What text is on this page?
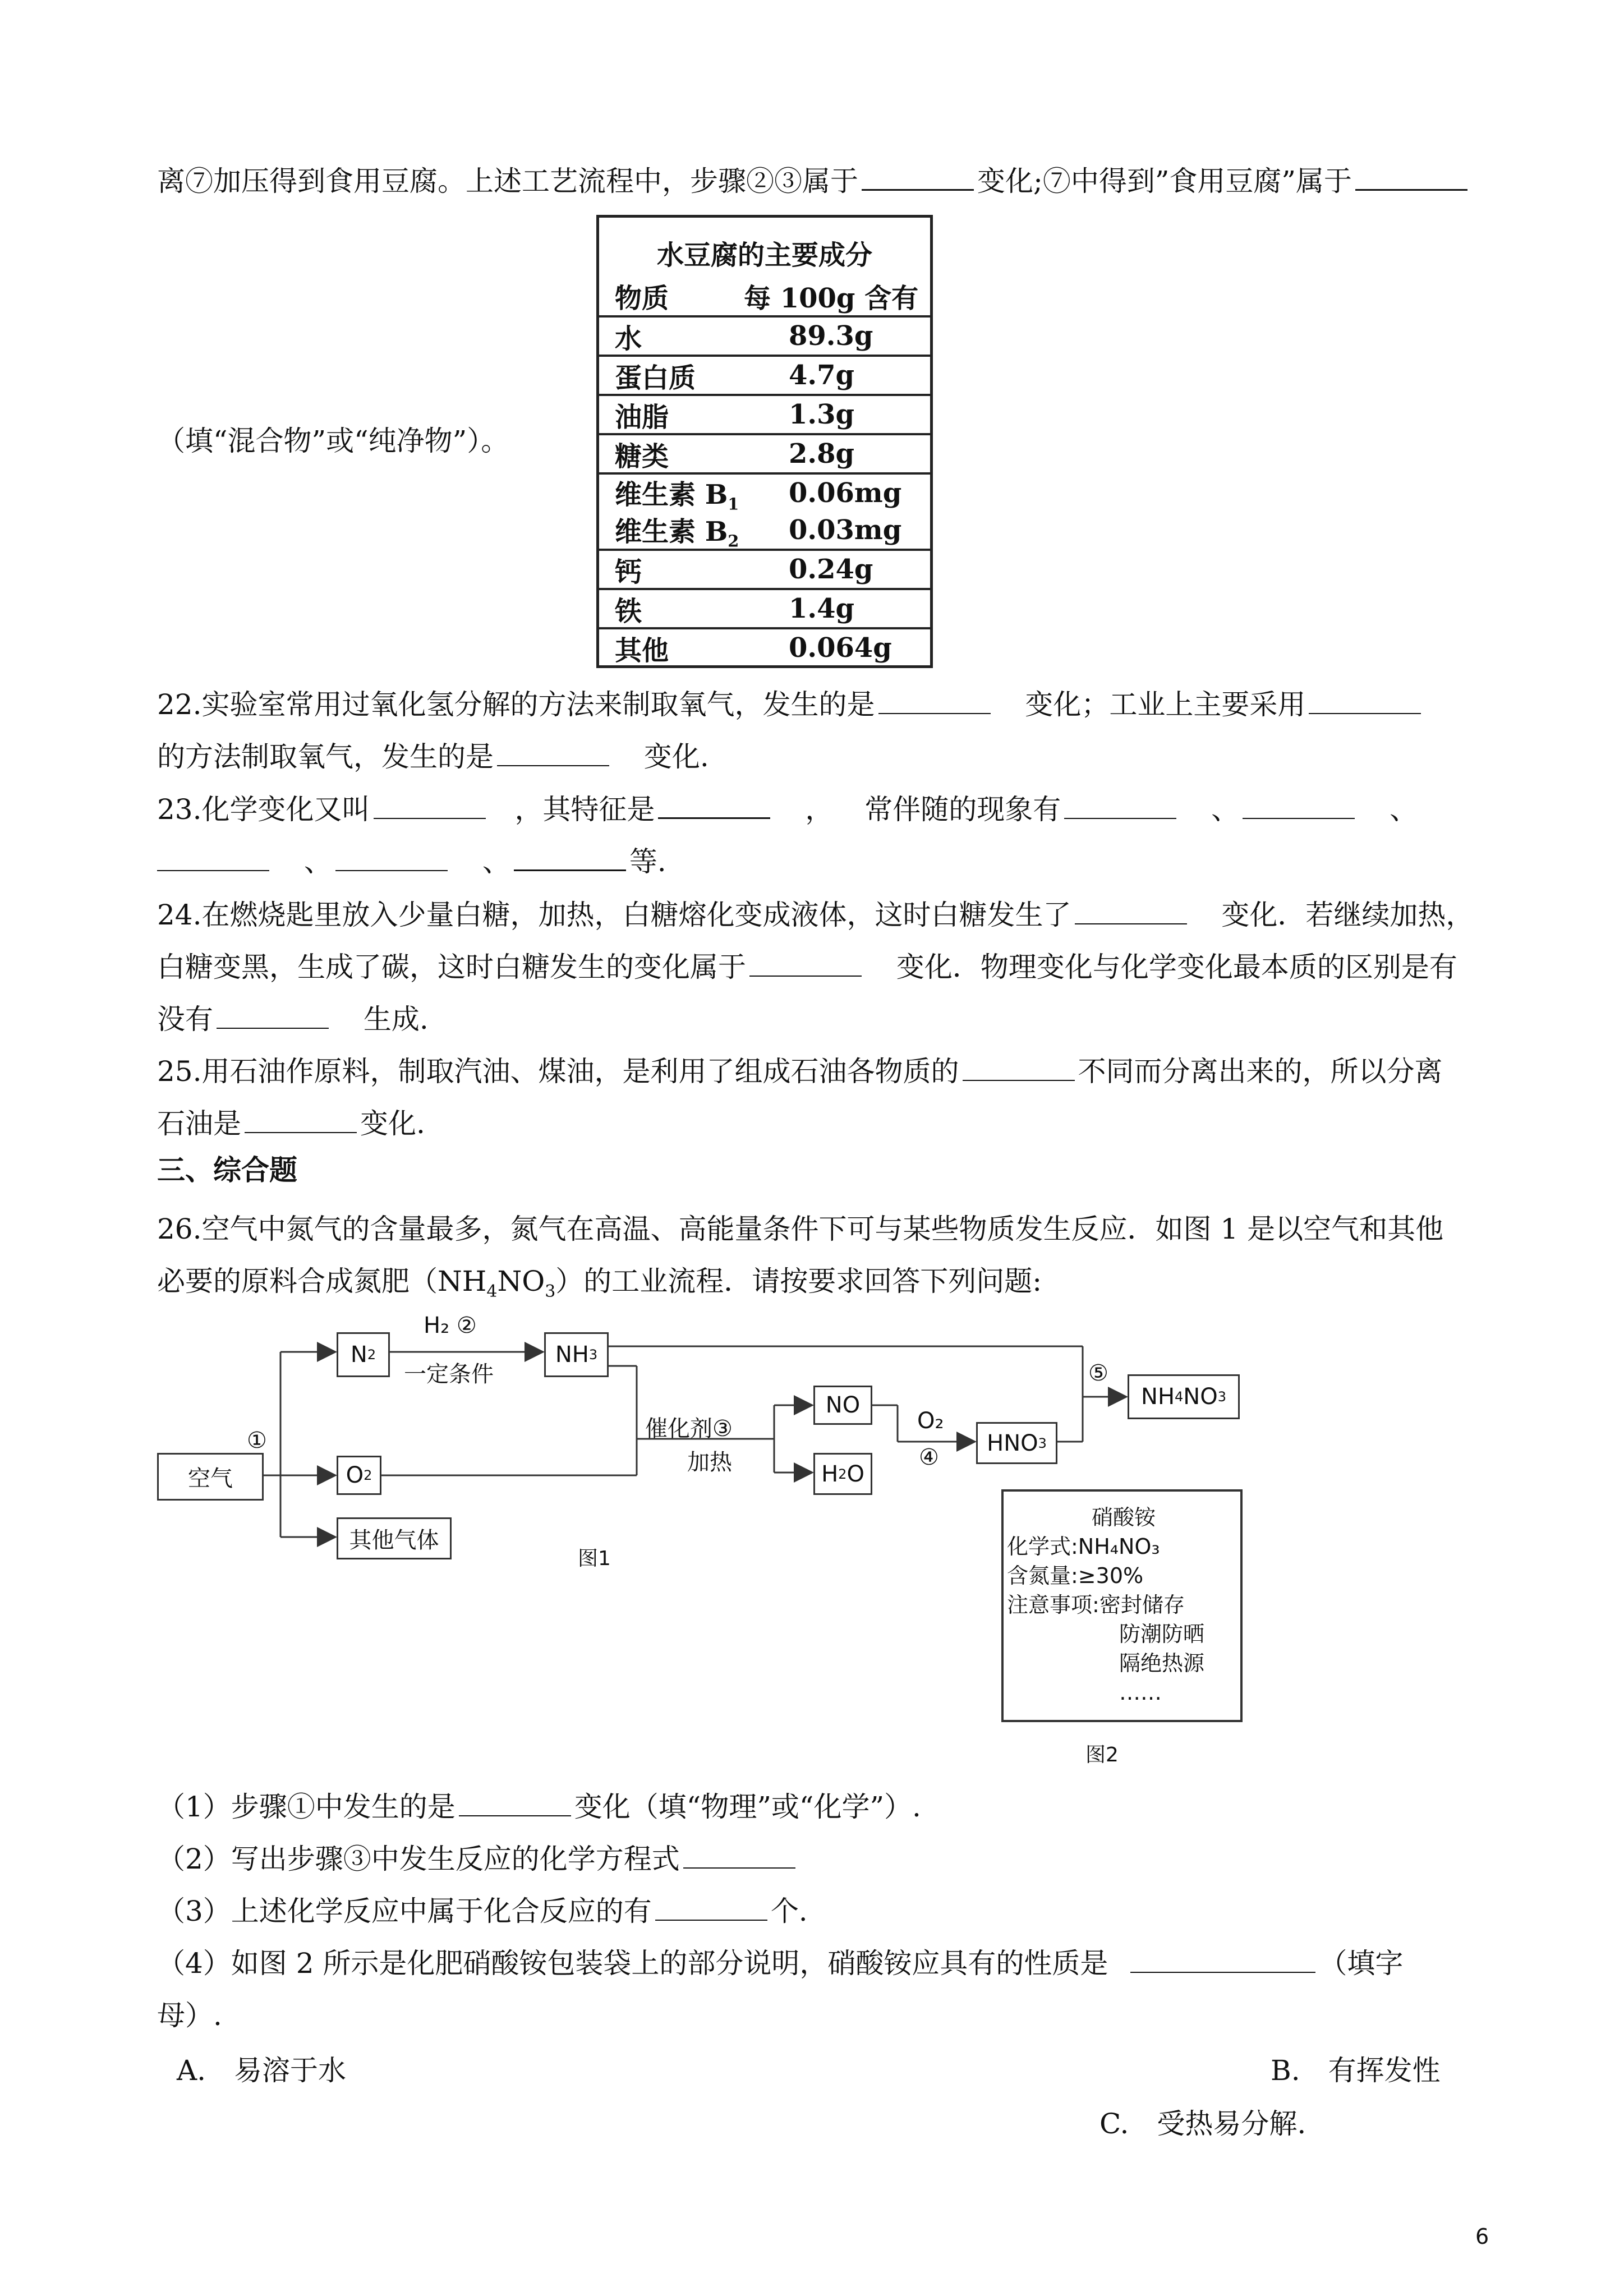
离⑦加压得到食用豆腐。上述工艺流程中，步骤②③属于	变化;⑦中得到”食用豆腐”属于
（填“混合物”或“纯净物”）。
水豆腐的主要成分
物质	每 100g 含有
水	89.3g
蛋白质	4.7g
油脂	1.3g
糖类	2.8g
维生素 $B_1$	0.06mg
维生素 $B_2$	0.03mg
钙	0.24g
铁	1.4g
其他	0.064g
22.实验室常用过氧化氢分解的方法来制取氧气，发生的是	变化；工业上主要采用
的方法制取氧气，发生的是	变化.
23.化学变化又叫	，其特征是	， 常伴随的现象有	、	、
、	、	等.
24.在燃烧匙里放入少量白糖，加热，白糖熔化变成液体，这时白糖发生了	变化．若继续加热，
白糖变黑，生成了碳，这时白糖发生的变化属于	变化．物理变化与化学变化最本质的区别是有
没有	生成.
25.用石油作原料，制取汽油、煤油，是利用了组成石油各物质的	不同而分离出来的，所以分离
石油是	变化.
三、综合题
26.空气中氮气的含量最多，氮气在高温、高能量条件下可与某些物质发生反应．如图 1 是以空气和其他
必要的原料合成氮肥$(NH_4NO_3)$的工业流程．请按要求回答下列问题:
空气
①
N 2
H₂ ②
一定条件
NH 3
O 2
其他气体
催化剂③
加热
NO
H 2 O
O₂
④
HNO 3
⑤
NH 4 NO 3
图1
硝酸铵
化学式:NH₄NO₃
含氮量:≥30%
注意事项:密封储存
防潮防晒
隔绝热源
……
图2
（1）步骤①中发生的是	变化（填“物理”或“化学”）.
（2）写出步骤③中发生反应的化学方程式
（3）上述化学反应中属于化合反应的有	个.
（4）如图 2 所示是化肥硝酸铵包装袋上的部分说明，硝酸铵应具有的性质是	（填字
母）.
A.　易溶于水	B.　有挥发性
C.　受热易分解.
6
